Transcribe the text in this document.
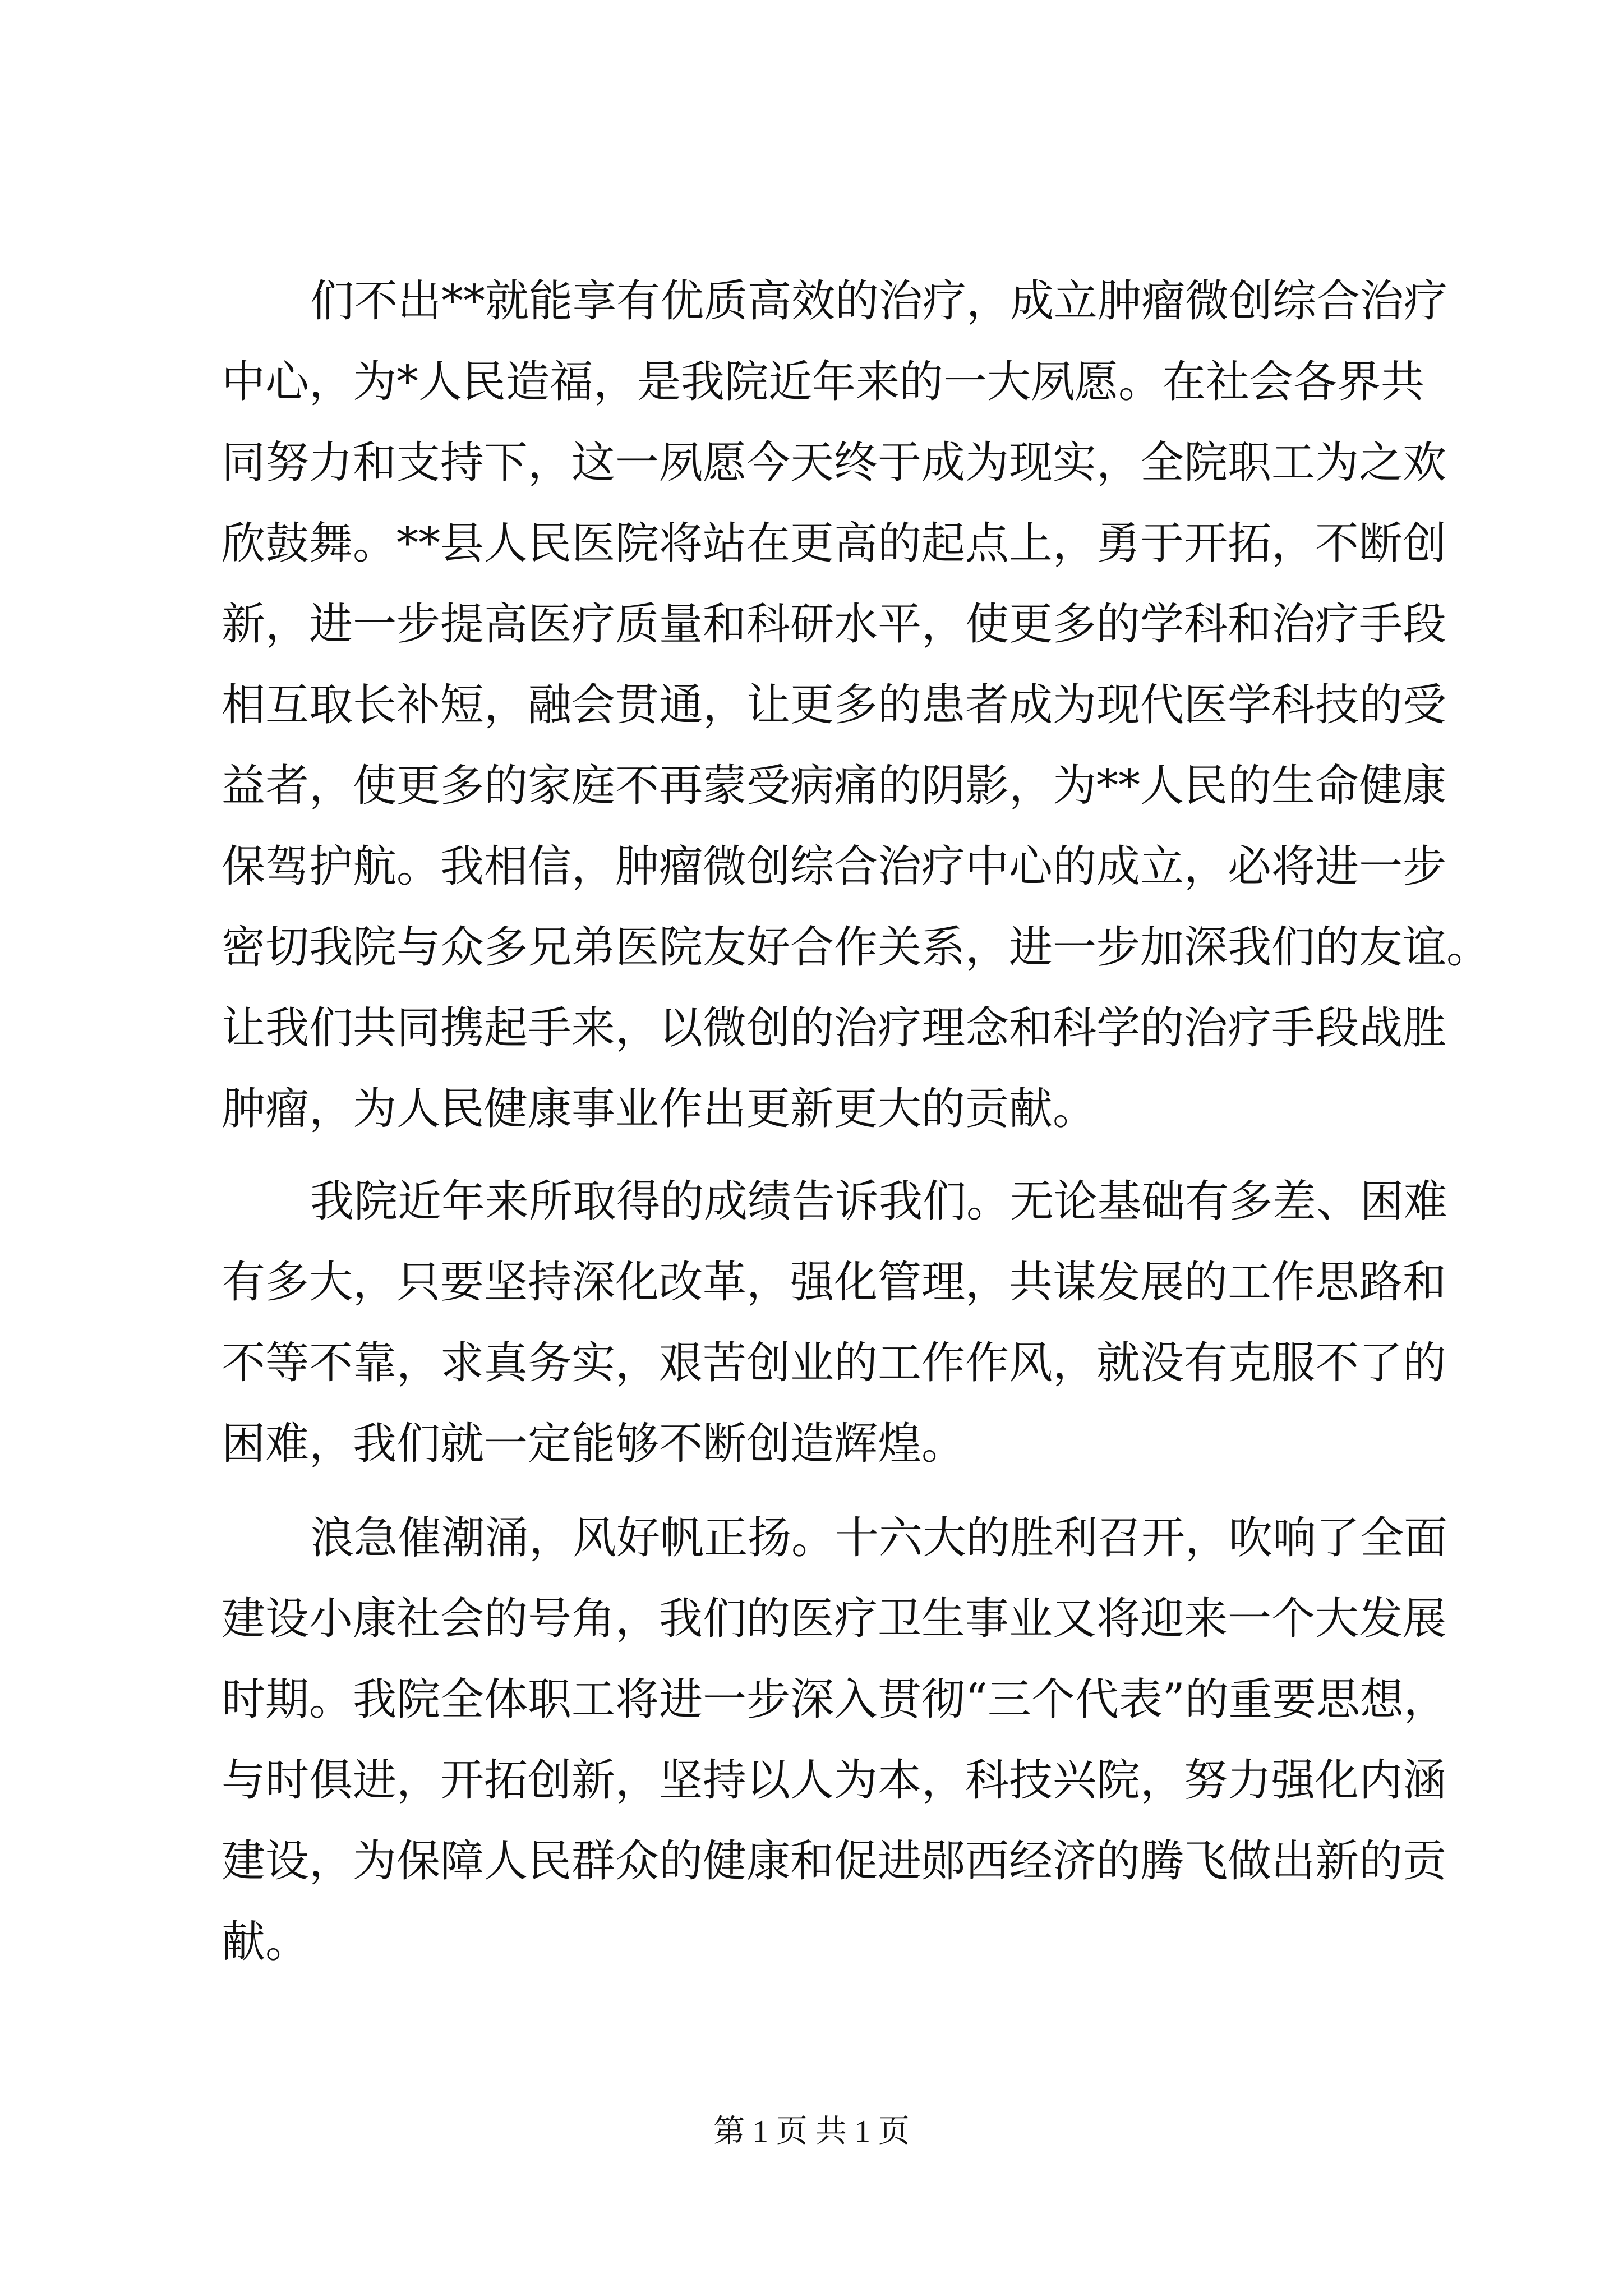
们不出**就能享有优质高效的治疗，成立肿瘤微创综合治疗
中心，为*人民造福，是我院近年来的一大夙愿。在社会各界共
同努力和支持下，这一夙愿今天终于成为现实，全院职工为之欢
欣鼓舞。**县人民医院将站在更高的起点上，勇于开拓，不断创
新，进一步提高医疗质量和科研水平，使更多的学科和治疗手段
相互取长补短，融会贯通，让更多的患者成为现代医学科技的受
益者，使更多的家庭不再蒙受病痛的阴影，为**人民的生命健康
保驾护航。我相信，肿瘤微创综合治疗中心的成立，必将进一步
密切我院与众多兄弟医院友好合作关系，进一步加深我们的友谊。
让我们共同携起手来，以微创的治疗理念和科学的治疗手段战胜
肿瘤，为人民健康事业作出更新更大的贡献。
我院近年来所取得的成绩告诉我们。无论基础有多差、困难
有多大，只要坚持深化改革，强化管理，共谋发展的工作思路和
不等不靠，求真务实，艰苦创业的工作作风，就没有克服不了的
困难，我们就一定能够不断创造辉煌。
浪急催潮涌，风好帆正扬。十六大的胜利召开，吹响了全面
建设小康社会的号角，我们的医疗卫生事业又将迎来一个大发展
时期。我院全体职工将进一步深入贯彻“三个代表”的重要思想，
与时俱进，开拓创新，坚持以人为本，科技兴院，努力强化内涵
建设，为保障人民群众的健康和促进郧西经济的腾飞做出新的贡
献。
第 1 页 共 1 页
